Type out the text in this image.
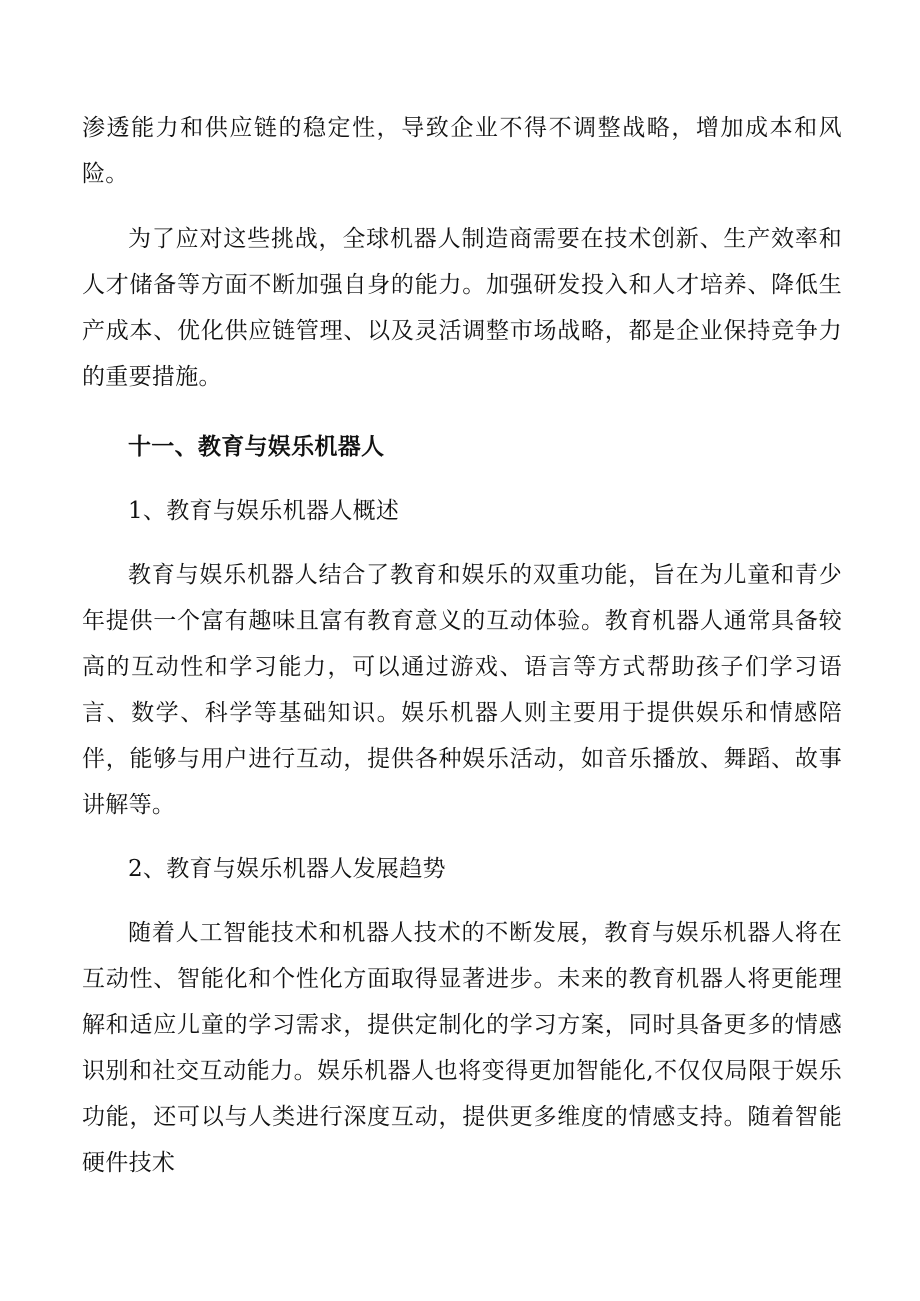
渗透能力和供应链的稳定性，导致企业不得不调整战略，增加成本和风险。

为了应对这些挑战，全球机器人制造商需要在技术创新、生产效率和人才储备等方面不断加强自身的能力。加强研发投入和人才培养、降低生产成本、优化供应链管理、以及灵活调整市场战略，都是企业保持竞争力的重要措施。

十一、教育与娱乐机器人

1、教育与娱乐机器人概述

教育与娱乐机器人结合了教育和娱乐的双重功能，旨在为儿童和青少年提供一个富有趣味且富有教育意义的互动体验。教育机器人通常具备较高的互动性和学习能力，可以通过游戏、语言等方式帮助孩子们学习语言、数学、科学等基础知识。娱乐机器人则主要用于提供娱乐和情感陪伴，能够与用户进行互动，提供各种娱乐活动，如音乐播放、舞蹈、故事讲解等。

2、教育与娱乐机器人发展趋势

随着人工智能技术和机器人技术的不断发展，教育与娱乐机器人将在互动性、智能化和个性化方面取得显著进步。未来的教育机器人将更能理解和适应儿童的学习需求，提供定制化的学习方案，同时具备更多的情感识别和社交互动能力。娱乐机器人也将变得更加智能化,不仅仅局限于娱乐功能，还可以与人类进行深度互动，提供更多维度的情感支持。随着智能硬件技术
